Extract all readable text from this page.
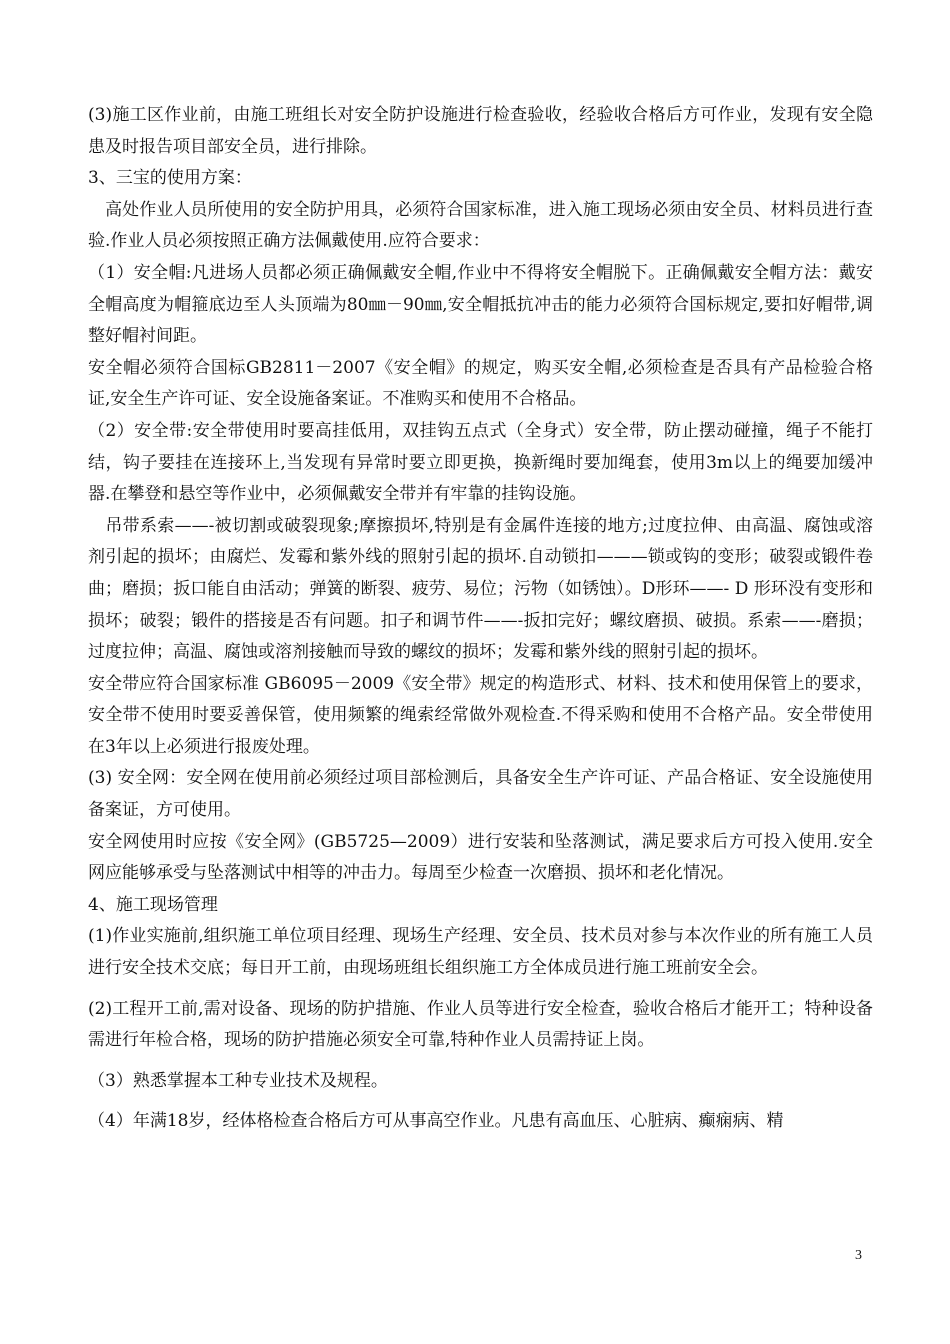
(3)施工区作业前，由施工班组长对安全防护设施进行检查验收，经验收合格后方可作业，发现有安全隐患及时报告项目部安全员，进行排除。

3、三宝的使用方案：

　高处作业人员所使用的安全防护用具，必须符合国家标准，进入施工现场必须由安全员、材料员进行查验.作业人员必须按照正确方法佩戴使用.应符合要求：

（1）安全帽:凡进场人员都必须正确佩戴安全帽,作业中不得将安全帽脱下。正确佩戴安全帽方法：戴安全帽高度为帽箍底边至人头顶端为80㎜－90㎜,安全帽抵抗冲击的能力必须符合国标规定,要扣好帽带,调整好帽衬间距。

安全帽必须符合国标GB2811－2007《安全帽》的规定，购买安全帽,必须检查是否具有产品检验合格证,安全生产许可证、安全设施备案证。不准购买和使用不合格品。

（2）安全带:安全带使用时要高挂低用，双挂钩五点式（全身式）安全带，防止摆动碰撞，绳子不能打结，钩子要挂在连接环上,当发现有异常时要立即更换，换新绳时要加绳套，使用3m以上的绳要加缓冲器.在攀登和悬空等作业中，必须佩戴安全带并有牢靠的挂钩设施。

　吊带系索——-被切割或破裂现象;摩擦损坏,特别是有金属件连接的地方;过度拉伸、由高温、腐蚀或溶剂引起的损坏；由腐烂、发霉和紫外线的照射引起的损坏.自动锁扣———锁或钩的变形；破裂或锻件卷曲；磨损；扳口能自由活动；弹簧的断裂、疲劳、易位；污物（如锈蚀）。D形环——- D 形环没有变形和损坏；破裂；锻件的搭接是否有问题。扣子和调节件——-扳扣完好；螺纹磨损、破损。系索——-磨损；过度拉伸；高温、腐蚀或溶剂接触而导致的螺纹的损坏；发霉和紫外线的照射引起的损坏。

安全带应符合国家标准 GB6095－2009《安全带》规定的构造形式、材料、技术和使用保管上的要求，安全带不使用时要妥善保管，使用频繁的绳索经常做外观检查.不得采购和使用不合格产品。安全带使用在3年以上必须进行报废处理。

(3) 安全网：安全网在使用前必须经过项目部检测后，具备安全生产许可证、产品合格证、安全设施使用备案证，方可使用。

安全网使用时应按《安全网》(GB5725—2009）进行安装和坠落测试，满足要求后方可投入使用.安全网应能够承受与坠落测试中相等的冲击力。每周至少检查一次磨损、损坏和老化情况。

4、施工现场管理

(1)作业实施前,组织施工单位项目经理、现场生产经理、安全员、技术员对参与本次作业的所有施工人员进行安全技术交底；每日开工前，由现场班组长组织施工方全体成员进行施工班前安全会。

(2)工程开工前,需对设备、现场的防护措施、作业人员等进行安全检查，验收合格后才能开工；特种设备需进行年检合格，现场的防护措施必须安全可靠,特种作业人员需持证上岗。

（3）熟悉掌握本工种专业技术及规程。

（4）年满18岁，经体格检查合格后方可从事高空作业。凡患有高血压、心脏病、癫痫病、精

3
